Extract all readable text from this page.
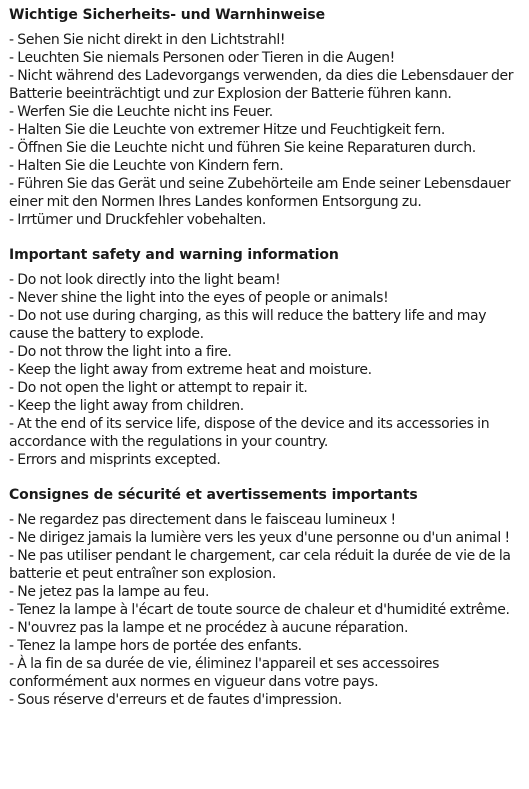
Wichtige Sicherheits- und Warnhinweise
- Sehen Sie nicht direkt in den Lichtstrahl!
- Leuchten Sie niemals Personen oder Tieren in die Augen!
- Nicht während des Ladevorgangs verwenden, da dies die Lebensdauer der Batterie beeinträchtigt und zur Explosion der Batterie führen kann.
- Werfen Sie die Leuchte nicht ins Feuer.
- Halten Sie die Leuchte von extremer Hitze und Feuchtigkeit fern.
- Öffnen Sie die Leuchte nicht und führen Sie keine Reparaturen durch.
- Halten Sie die Leuchte von Kindern fern.
- Führen Sie das Gerät und seine Zubehörteile am Ende seiner Lebensdauer einer mit den Normen Ihres Landes konformen Entsorgung zu.
- Irrtümer und Druckfehler vobehalten.
Important safety and warning information
- Do not look directly into the light beam!
- Never shine the light into the eyes of people or animals!
- Do not use during charging, as this will reduce the battery life and may cause the battery to explode.
- Do not throw the light into a fire.
- Keep the light away from extreme heat and moisture.
- Do not open the light or attempt to repair it.
- Keep the light away from children.
- At the end of its service life, dispose of the device and its accessories in accordance with the regulations in your country.
- Errors and misprints excepted.
Consignes de sécurité et avertissements importants
- Ne regardez pas directement dans le faisceau lumineux !
- Ne dirigez jamais la lumière vers les yeux d'une personne ou d'un animal !
- Ne pas utiliser pendant le chargement, car cela réduit la durée de vie de la batterie et peut entraîner son explosion.
- Ne jetez pas la lampe au feu.
- Tenez la lampe à l'écart de toute source de chaleur et d'humidité extrême.
- N'ouvrez pas la lampe et ne procédez à aucune réparation.
- Tenez la lampe hors de portée des enfants.
- À la fin de sa durée de vie, éliminez l'appareil et ses accessoires conformément aux normes en vigueur dans votre pays.
- Sous réserve d'erreurs et de fautes d'impression.
